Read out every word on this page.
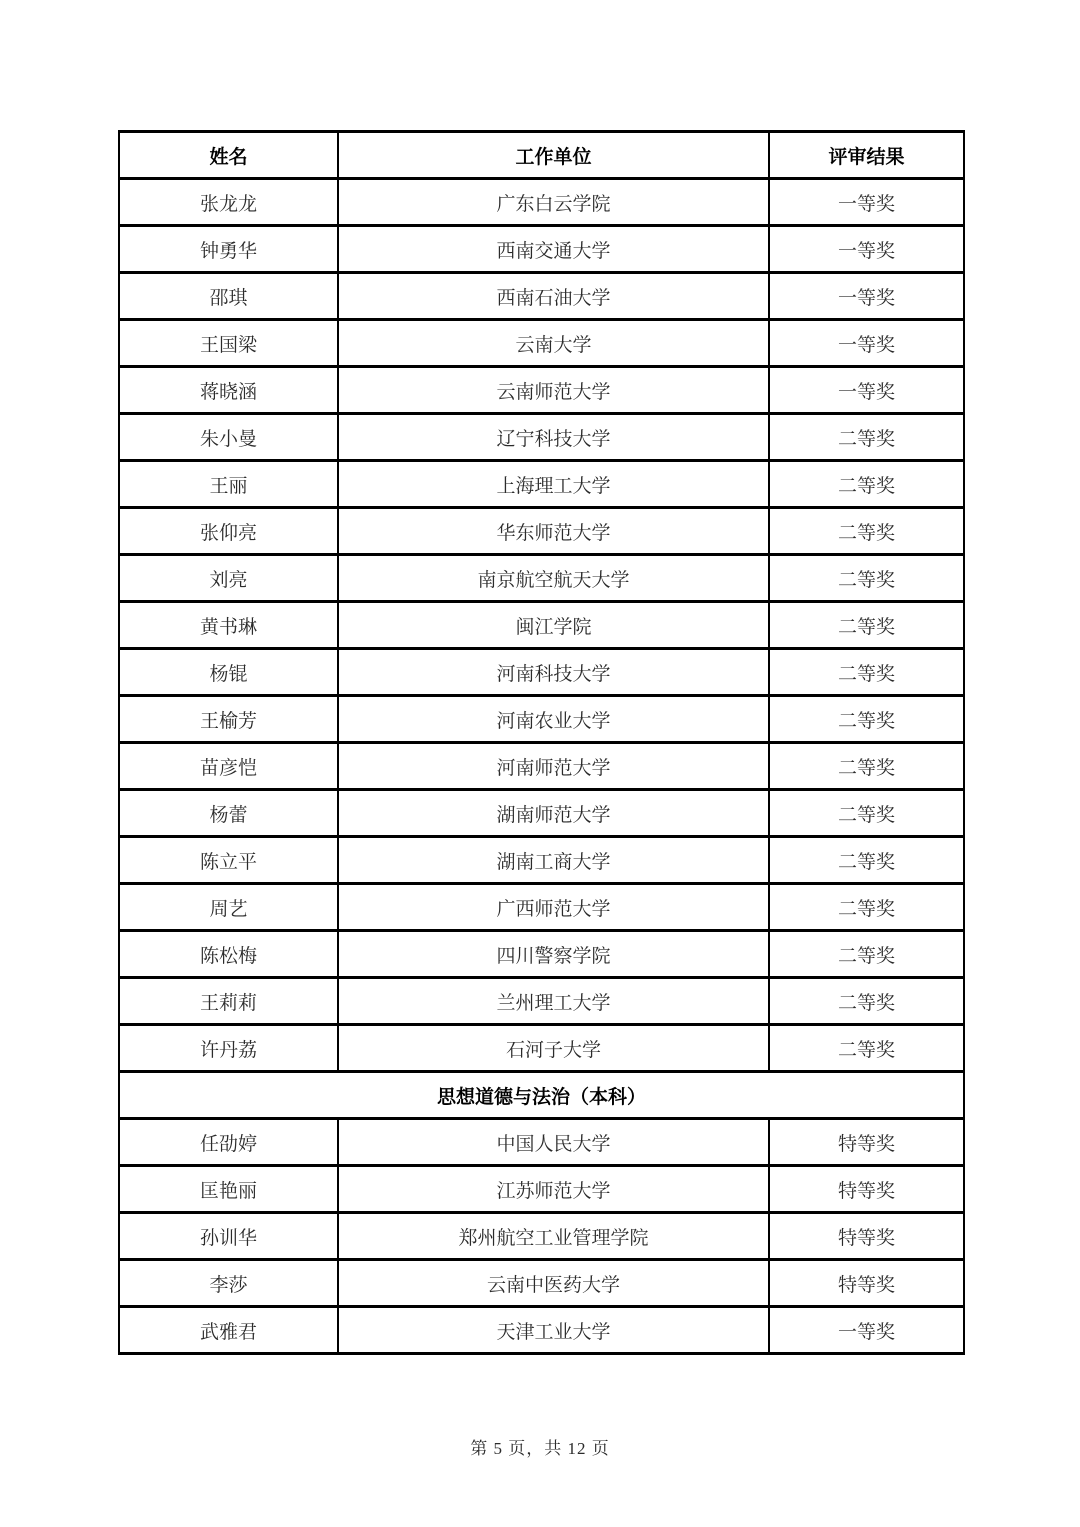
姓名	工作单位	评审结果
张龙龙	广东白云学院	一等奖
钟勇华	西南交通大学	一等奖
邵琪	西南石油大学	一等奖
王国梁	云南大学	一等奖
蒋晓涵	云南师范大学	一等奖
朱小曼	辽宁科技大学	二等奖
王丽	上海理工大学	二等奖
张仰亮	华东师范大学	二等奖
刘亮	南京航空航天大学	二等奖
黄书琳	闽江学院	二等奖
杨锟	河南科技大学	二等奖
王榆芳	河南农业大学	二等奖
苗彦恺	河南师范大学	二等奖
杨蕾	湖南师范大学	二等奖
陈立平	湖南工商大学	二等奖
周艺	广西师范大学	二等奖
陈松梅	四川警察学院	二等奖
王莉莉	兰州理工大学	二等奖
许丹荔	石河子大学	二等奖
思想道德与法治（本科）		
任劭婷	中国人民大学	特等奖
匡艳丽	江苏师范大学	特等奖
孙训华	郑州航空工业管理学院	特等奖
李莎	云南中医药大学	特等奖
武雅君	天津工业大学	一等奖
第 5 页，共 12 页
